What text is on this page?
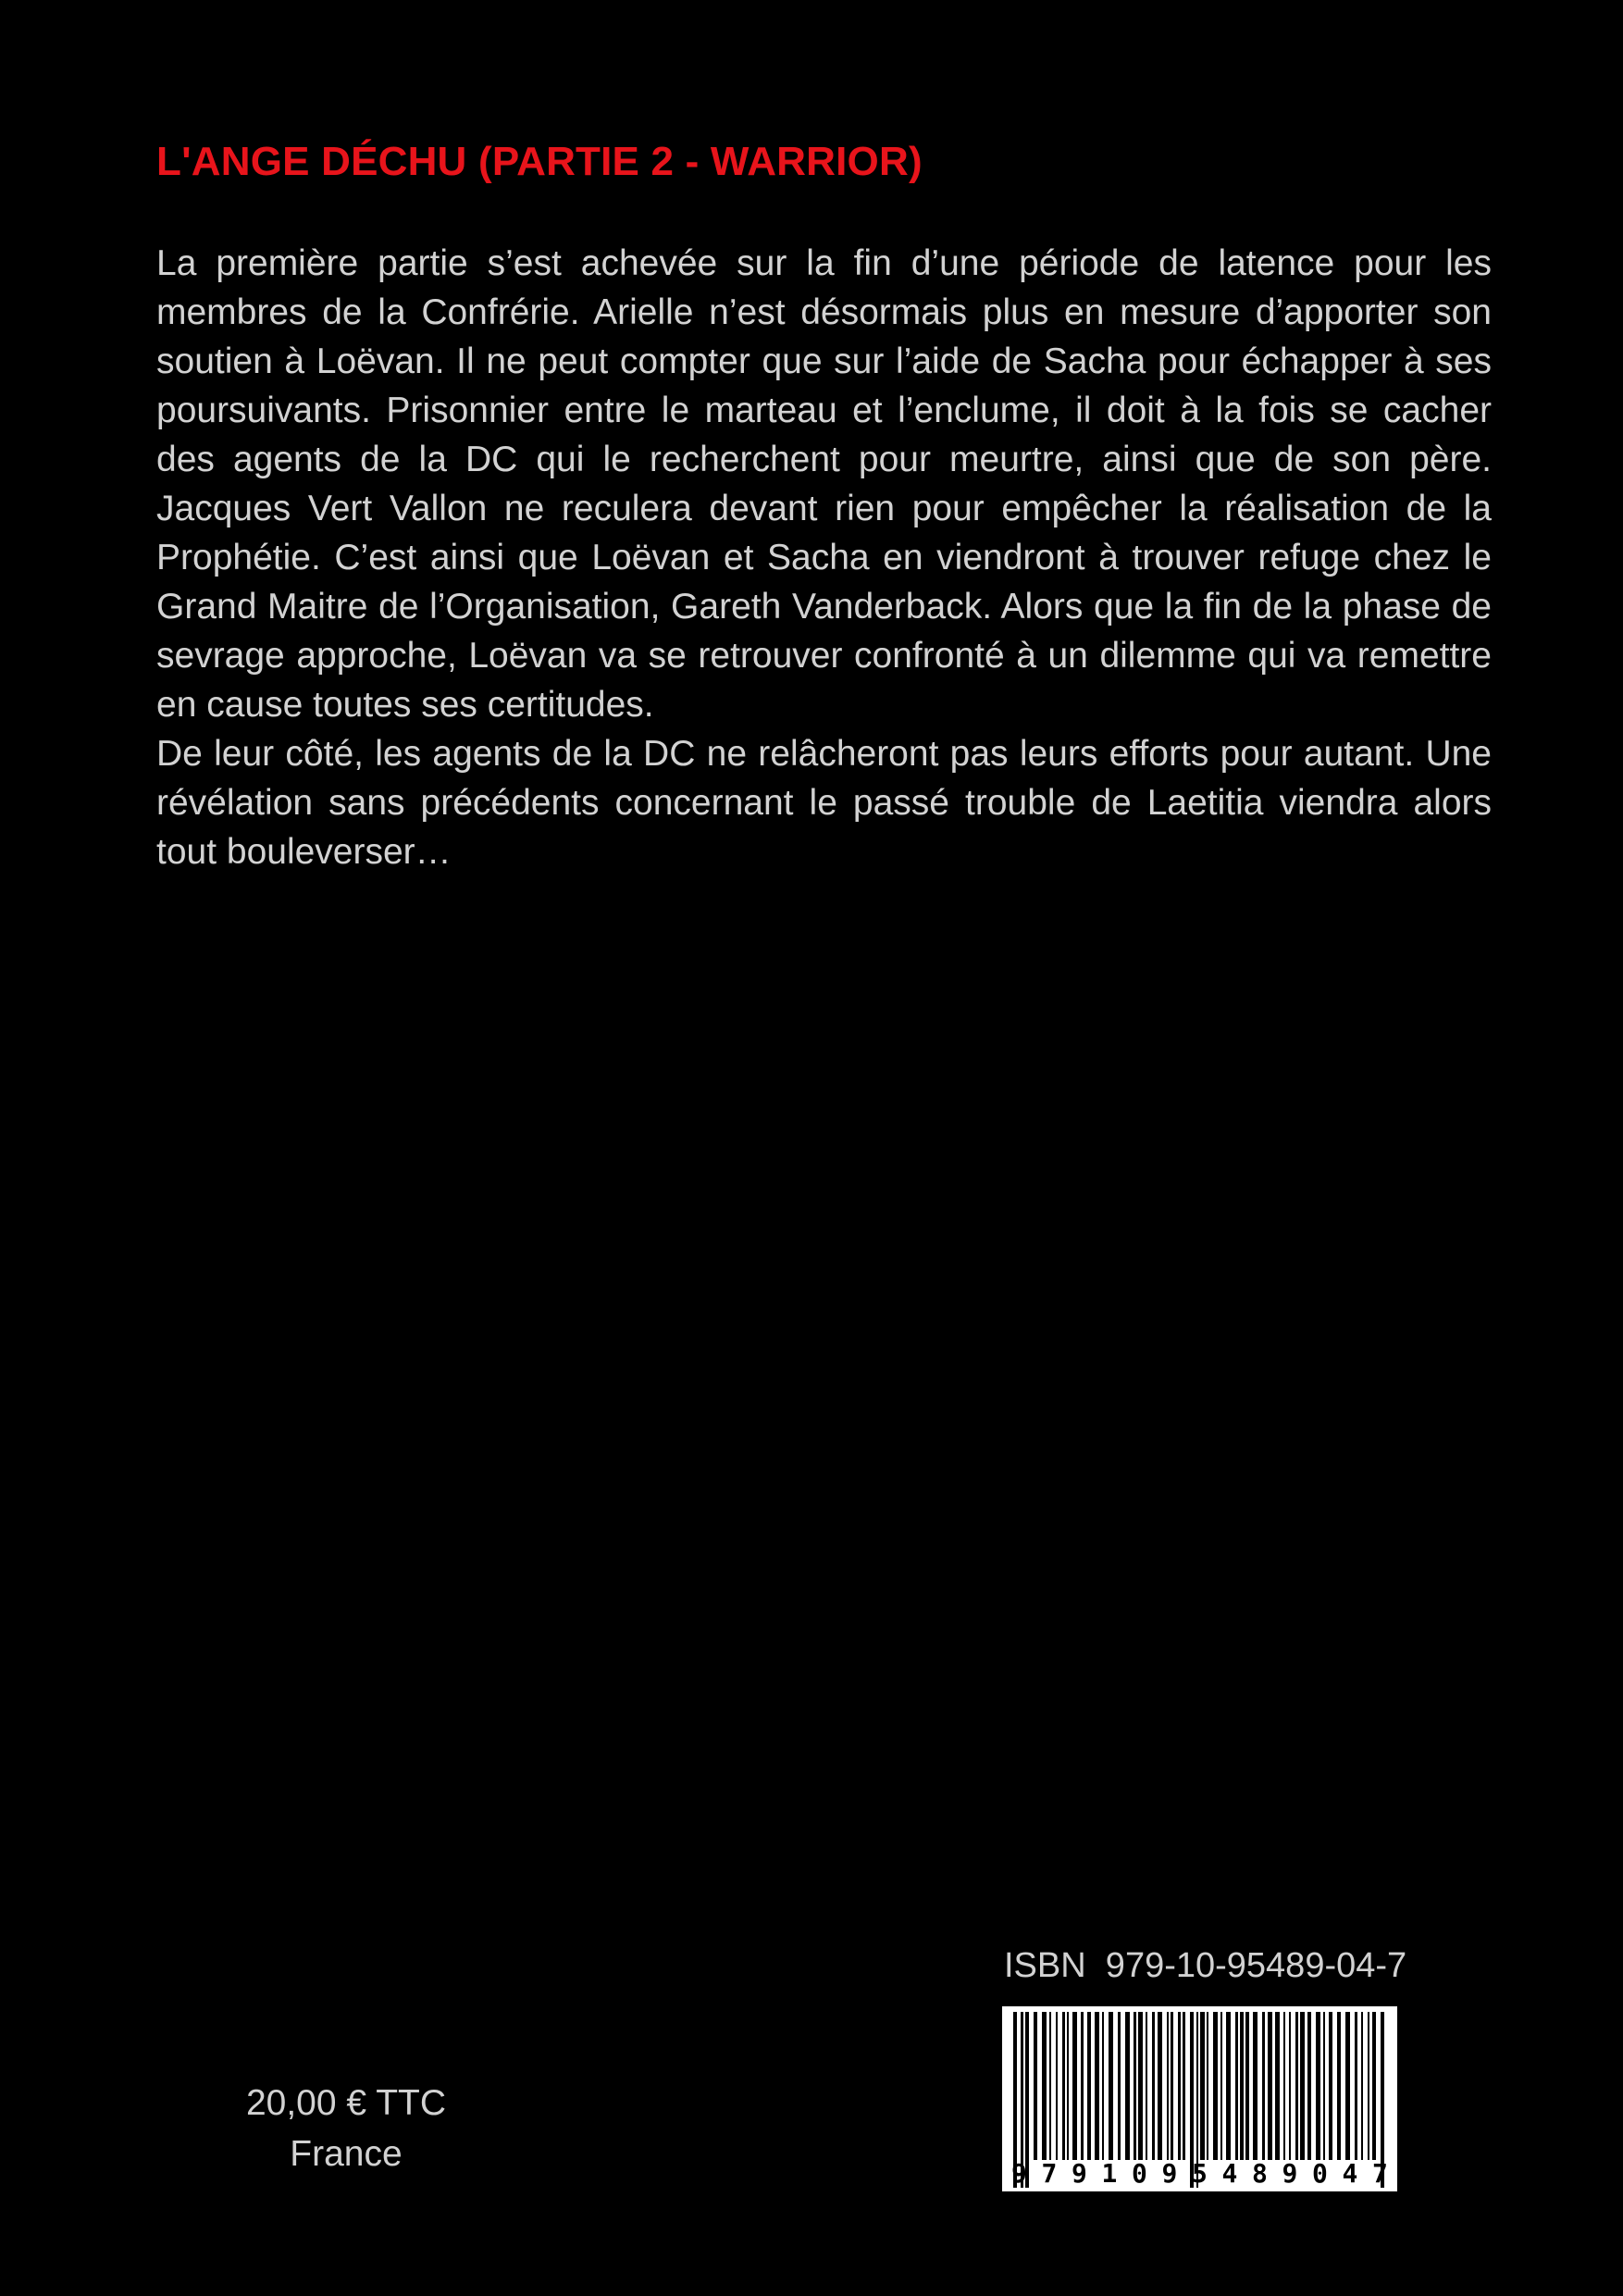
L'ANGE DÉCHU (PARTIE 2 - WARRIOR)

La première partie s’est achevée sur la fin d’une période de latence pour les membres de la Confrérie. Arielle n’est désormais plus en mesure d’apporter son soutien à Loëvan. Il ne peut compter que sur l’aide de Sacha pour échapper à ses poursuivants. Prisonnier entre le marteau et l’enclume, il doit à la fois se cacher des agents de la DC qui le recherchent pour meurtre, ainsi que de son père. Jacques Vert Vallon ne reculera devant rien pour empêcher la réalisation de la Prophétie. C’est ainsi que Loëvan et Sacha en viendront à trouver refuge chez le Grand Maitre de l’Organisation, Gareth Vanderback. Alors que la fin de la phase de sevrage approche, Loëvan va se retrouver confronté à un dilemme qui va remettre en cause toutes ses certitudes.

De leur côté, les agents de la DC ne relâcheront pas leurs efforts pour autant. Une révélation sans précédents concernant le passé trouble de Laetitia viendra alors tout bouleverser…

20,00 € TTC
France
ISBN  979-10-95489-04-7
9 7 9 1 0 9 5 4 8 9 0 4 7
